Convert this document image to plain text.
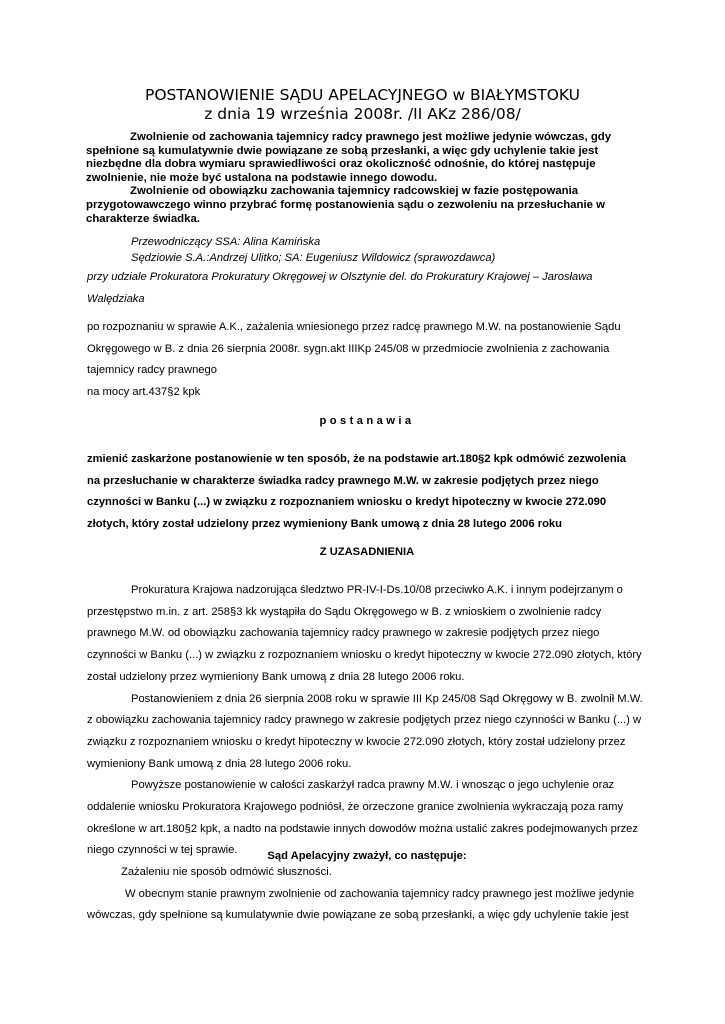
POSTANOWIENIE SĄDU APELACYJNEGO w BIAŁYMSTOKU
z dnia 19 września 2008r. /II AKz 286/08/

Zwolnienie od zachowania tajemnicy radcy prawnego jest możliwe jedynie wówczas, gdy spełnione są kumulatywnie dwie powiązane ze sobą przesłanki, a więc gdy uchylenie takie jest niezbędne dla dobra wymiaru sprawiedliwości oraz okoliczność odnośnie, do której następuje zwolnienie, nie może być ustalona na podstawie innego dowodu.

Zwolnienie od obowiązku zachowania tajemnicy radcowskiej w fazie postępowania przygotowawczego winno przybrać formę postanowienia sądu o zezwoleniu na przesłuchanie w charakterze świadka.

Przewodniczący SSA: Alina Kamińska
Sędziowie S.A.:Andrzej Ulitko; SA: Eugeniusz Wildowicz (sprawozdawca)
przy udziale Prokuratora Prokuratury Okręgowej w Olsztynie del. do Prokuratury Krajowej – Jarosława Walędziaka

po rozpoznaniu w sprawie A.K., zażalenia wniesionego przez radcę prawnego M.W. na postanowienie Sądu Okręgowego w B. z dnia 26 sierpnia 2008r. sygn.akt IIIKp 245/08 w przedmiocie zwolnienia z zachowania tajemnicy radcy prawnego

na mocy art.437§2 kpk

postanawia
zmienić zaskarżone postanowienie w ten sposób, że na podstawie art.180§2 kpk odmówić zezwolenia na przesłuchanie w charakterze świadka radcy prawnego M.W. w zakresie podjętych przez niego czynności w Banku (...) w związku z rozpoznaniem wniosku o kredyt hipoteczny w kwocie 272.090 złotych, który został udzielony przez wymieniony Bank umową z dnia 28 lutego 2006 roku
Z UZASADNIENIA

Prokuratura Krajowa nadzorująca śledztwo PR-IV-I-Ds.10/08 przeciwko A.K. i innym podejrzanym o przestępstwo m.in. z art. 258§3 kk wystąpiła do Sądu Okręgowego w B. z wnioskiem o zwolnienie radcy prawnego M.W. od obowiązku zachowania tajemnicy radcy prawnego w zakresie podjętych przez niego czynności w Banku (...) w związku z rozpoznaniem wniosku o kredyt hipoteczny w kwocie 272.090 złotych, który został udzielony przez wymieniony Bank umową z dnia 28 lutego 2006 roku.

Postanowieniem z dnia 26 sierpnia 2008 roku w sprawie III Kp 245/08 Sąd Okręgowy w B. zwolnił M.W. z obowiązku zachowania tajemnicy radcy prawnego w zakresie podjętych przez niego czynności w Banku (...) w związku z rozpoznaniem wniosku o kredyt hipoteczny w kwocie 272.090 złotych, który został udzielony przez wymieniony Bank umową z dnia 28 lutego 2006 roku.

Powyższe postanowienie w całości zaskarżył radca prawny M.W. i wnosząc o jego uchylenie oraz oddalenie wniosku Prokuratora Krajowego podniósł, że orzeczone granice zwolnienia wykraczają poza ramy określone w art.180§2 kpk, a nadto na podstawie innych dowodów można ustalić zakres podejmowanych przez niego czynności w tej sprawie.	Sąd Apelacyjny zważył, co następuje:

Zażaleniu nie sposób odmówić słuszności.

W obecnym stanie prawnym zwolnienie od zachowania tajemnicy radcy prawnego jest możliwe jedynie wówczas, gdy spełnione są kumulatywnie dwie powiązane ze sobą przesłanki, a więc gdy uchylenie takie jest
